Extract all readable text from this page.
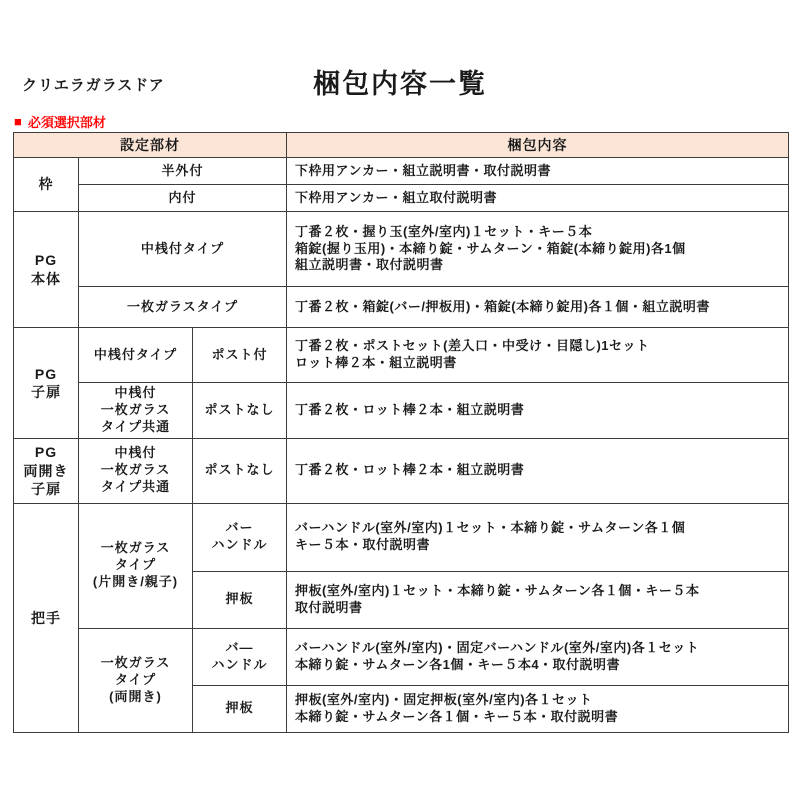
梱包内容一覧
クリエラガラスドア
■ 必須選択部材
設定部材			梱包内容
枠	半外付		下枠用アンカー・組立説明書・取付説明書
	内付		下枠用アンカー・組立取付説明書
PG
本体	中桟付タイプ		丁番２枚・握り玉(室外/室内)１セット・キー５本
箱錠(握り玉用)・本締り錠・サムターン・箱錠(本締り錠用)各1個
組立説明書・取付説明書
	一枚ガラスタイプ		丁番２枚・箱錠(バー/押板用)・箱錠(本締り錠用)各１個・組立説明書
PG
子扉	中桟付タイプ	ポスト付	丁番２枚・ポストセット(差入口・中受け・目隠し)1セット
ロット棒２本・組立説明書
	中桟付
一枚ガラス
タイプ共通	ポストなし	丁番２枚・ロット棒２本・組立説明書
PG
両開き
子扉	中桟付
一枚ガラス
タイプ共通	ポストなし	丁番２枚・ロット棒２本・組立説明書
把手	一枚ガラス
タイプ
(片開き/親子)	バー
ハンドル	バーハンドル(室外/室内)１セット・本締り錠・サムターン各１個
キー５本・取付説明書
		押板	押板(室外/室内)１セット・本締り錠・サムターン各１個・キー５本
取付説明書
	一枚ガラス
タイプ
(両開き)	バ―
ハンドル	バーハンドル(室外/室内)・固定バーハンドル(室外/室内)各１セット
本締り錠・サムターン各1個・キー５本4・取付説明書
		押板	押板(室外/室内)・固定押板(室外/室内)各１セット
本締り錠・サムターン各１個・キー５本・取付説明書
